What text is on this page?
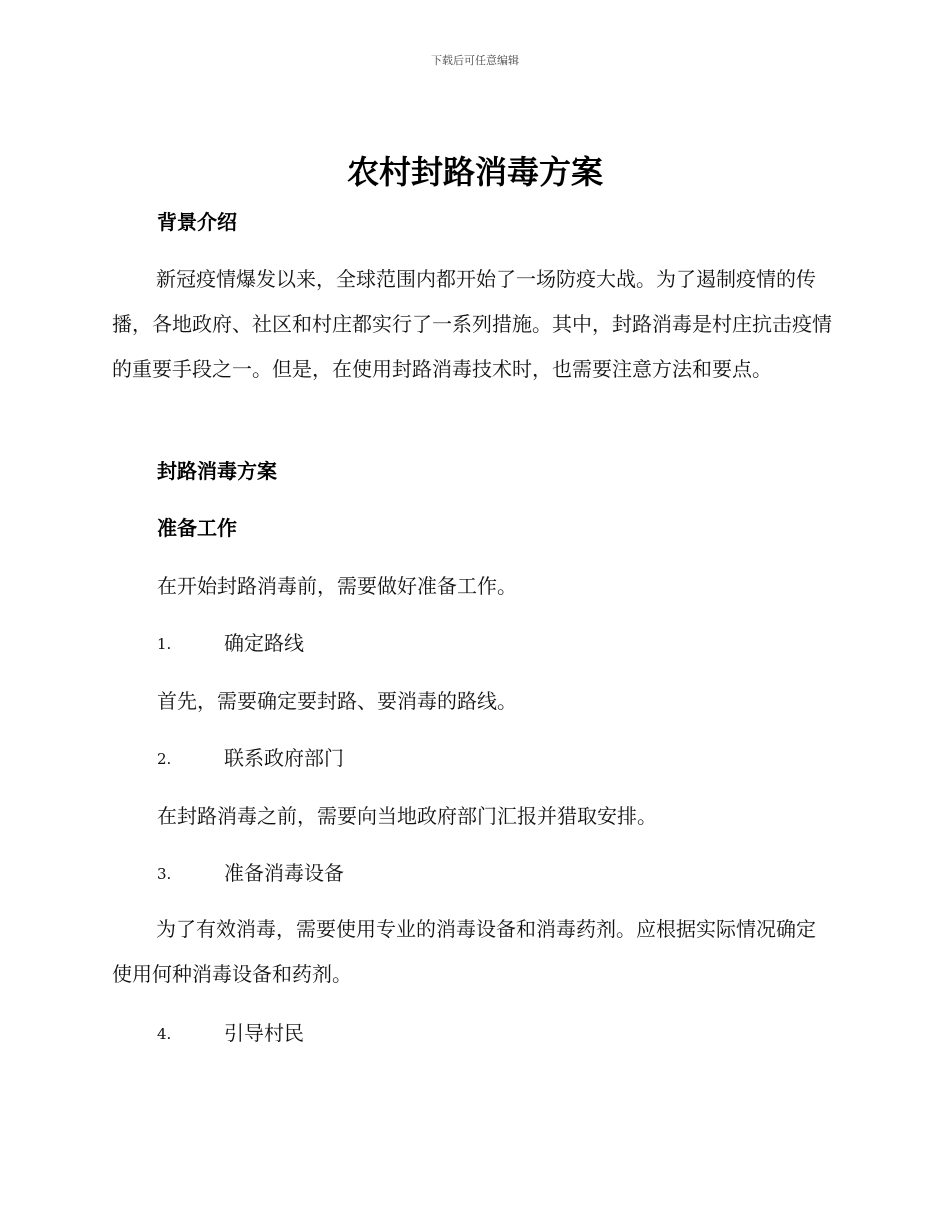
下载后可任意编辑
农村封路消毒方案
背景介绍

新冠疫情爆发以来，全球范围内都开始了一场防疫大战。为了遏制疫情的传播，各地政府、社区和村庄都实行了一系列措施。其中，封路消毒是村庄抗击疫情的重要手段之一。但是，在使用封路消毒技术时，也需要注意方法和要点。

封路消毒方案
准备工作

在开始封路消毒前，需要做好准备工作。

1.	确定路线

首先，需要确定要封路、要消毒的路线。

2.	联系政府部门

在封路消毒之前，需要向当地政府部门汇报并猎取安排。

3.	准备消毒设备

为了有效消毒，需要使用专业的消毒设备和消毒药剂。应根据实际情况确定使用何种消毒设备和药剂。

4.	引导村民
